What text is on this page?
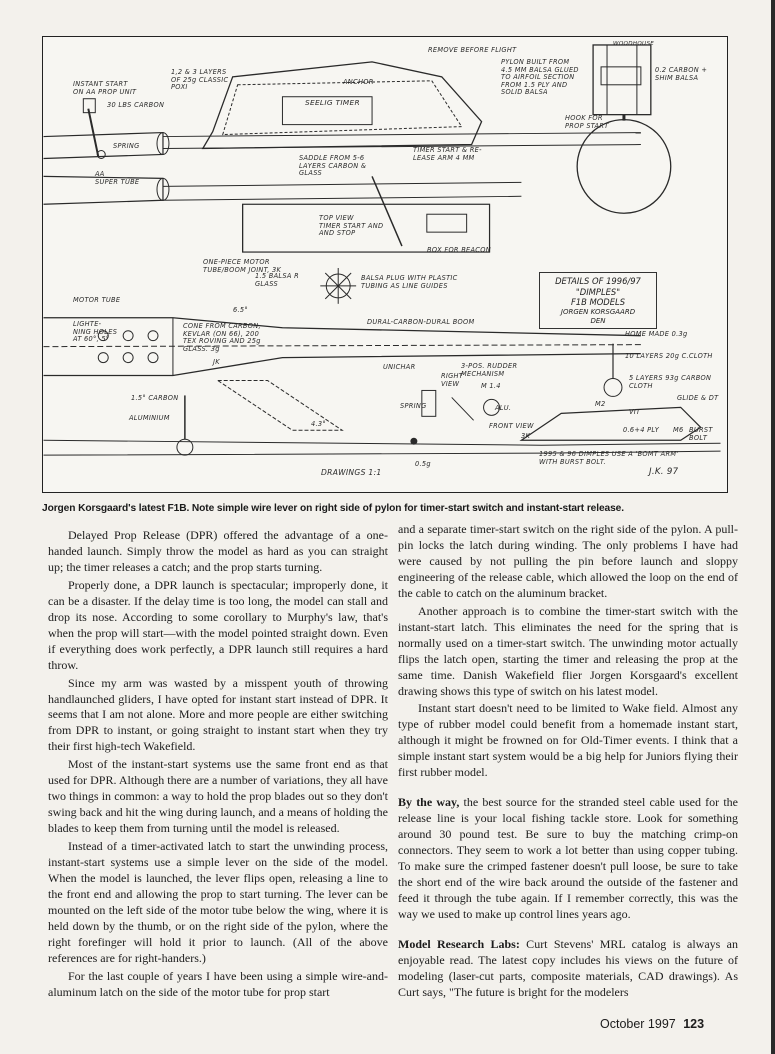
INSTANT START
ON AA PROP UNIT
30 LBS CARBON
SPRING
AA
SUPER TUBE
1,2 & 3 LAYERS
OF 25g CLASSIC
POXI
ANCHOR
SEELIG TIMER
REMOVE BEFORE FLIGHT
PYLON BUILT FROM
4.5 MM BALSA GLUED
TO AIRFOIL SECTION
FROM 1.5 PLY AND
SOLID BALSA
WOODHOUSE
0.2 CARBON +
SHIM BALSA
HOOK FOR
PROP START
SADDLE FROM 5-6
LAYERS CARBON &
GLASS
TIMER START & RE-
LEASE ARM 4 MM
TOP VIEW
TIMER START AND
AND STOP
BOX FOR BEACON
ONE-PIECE MOTOR
TUBE/BOOM JOINT, 3K
1.5 BALSA R
GLASS
BALSA PLUG WITH PLASTIC
TUBING AS LINE GUIDES
MOTOR TUBE
LIGHTE-
NING HOLES
AT 60°, 5°
CONE FROM CARBON,
KEVLAR (ON 66), 200
TEX ROVING AND 25g
GLASS. 3g
DURAL-CARBON-DURAL BOOM
UNICHAR
HOME MADE 0.3g
10 LAYERS 20g C.CLOTH
5 LAYERS 93g CARBON
CLOTH
3-POS. RUDDER
MECHANISM
RIGHT
VIEW
FRONT VIEW
M 1.4
ALU.
SPRING
1.5° CARBON
ALUMINIUM
GLIDE & DT
BURST
BOLT
1995 & 96 DIMPLES USE A 'BOMT ARM'
WITH BURST BOLT.
DRAWINGS 1:1	J.K. 97
6.5°
4.3°
0.5g
JK
3K
VIT
0.6+4 PLY
M2
M6
DETAILS OF 1996/97
"DIMPLES"
F1B MODELS
JORGEN KORSGAARD
DEN
Jorgen Korsgaard's latest F1B. Note simple wire lever on right side of pylon for timer-start switch and instant-start release.

Delayed Prop Release (DPR) offered the advantage of a one-handed launch. Simply throw the model as hard as you can straight up; the timer releases a catch; and the prop starts turning.

Properly done, a DPR launch is spectacular; improperly done, it can be a disaster. If the delay time is too long, the model can stall and drop its nose. According to some corollary to Murphy's law, that's when the prop will start—with the model pointed straight down. Even if everything does work perfectly, a DPR launch still requires a hard throw.

Since my arm was wasted by a misspent youth of throwing handlaunched gliders, I have opted for instant start instead of DPR. It seems that I am not alone. More and more people are either switching from DPR to instant, or going straight to instant start when they try their first high-tech Wakefield.

Most of the instant-start systems use the same front end as that used for DPR. Although there are a number of variations, they all have two things in common: a way to hold the prop blades out so they don't swing back and hit the wing during launch, and a means of holding the blades to keep them from turning until the model is released.

Instead of a timer-activated latch to start the unwinding process, instant-start systems use a simple lever on the side of the model. When the model is launched, the lever flips open, releasing a line to the front end and allowing the prop to start turning. The lever can be mounted on the left side of the motor tube below the wing, where it is held down by the thumb, or on the right side of the pylon, where the right forefinger will hold it prior to launch. (All of the above references are for right-handers.)

For the last couple of years I have been using a simple wire-and-aluminum latch on the side of the motor tube for prop start

and a separate timer-start switch on the right side of the pylon. A pull-pin locks the latch during winding. The only problems I have had were caused by not pulling the pin before launch and sloppy engineering of the release cable, which allowed the loop on the end of the cable to catch on the aluminum bracket.

Another approach is to combine the timer-start switch with the instant-start latch. This eliminates the need for the spring that is normally used on a timer-start switch. The unwinding motor actually flips the latch open, starting the timer and releasing the prop at the same time. Danish Wakefield flier Jorgen Korsgaard's excellent drawing shows this type of switch on his latest model.

Instant start doesn't need to be limited to Wake field. Almost any type of rubber model could benefit from a homemade instant start, although it might be frowned on for Old-Timer events. I think that a simple instant start system would be a big help for Juniors flying their first rubber model.

By the way, the best source for the stranded steel cable used for the release line is your local fishing tackle store. Look for something around 30 pound test. Be sure to buy the matching crimp-on connectors. They seem to work a lot better than using copper tubing. To make sure the crimped fastener doesn't pull loose, be sure to take the short end of the wire back around the outside of the fastener and feed it through the tube again. If I remember correctly, this was the way we used to make up control lines years ago.

Model Research Labs: Curt Stevens' MRL catalog is always an enjoyable read. The latest copy includes his views on the future of modeling (laser-cut parts, composite materials, CAD drawings). As Curt says, "The future is bright for the modelers

October 1997 123
